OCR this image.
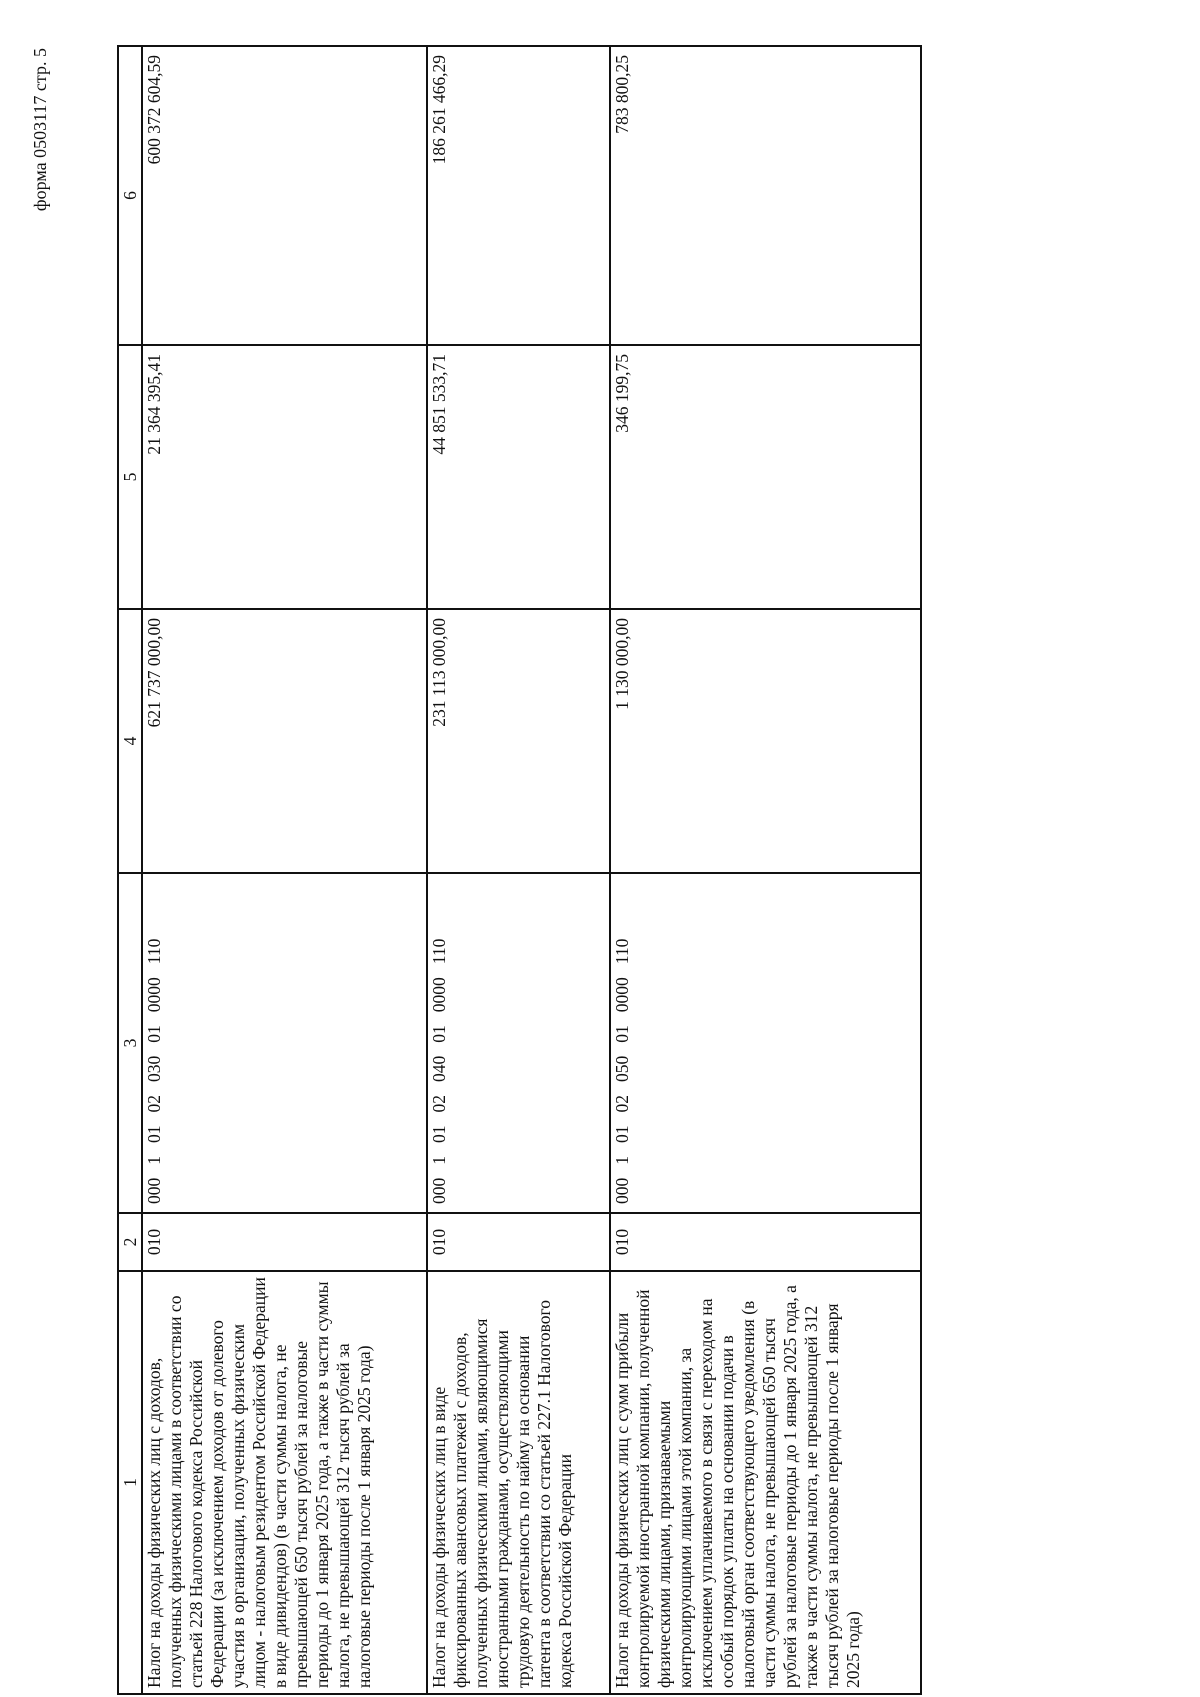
форма 0503117 стр. 5
1	2	3	4	5	6
Налог на доходы физических лиц с доходов, полученных физическими лицами в соответствии со статьей 228 Налогового кодекса Российской Федерации (за исключением доходов от долевого участия в организации, полученных физическим лицом - налоговым резидентом Российской Федерации в виде дивидендов) (в части суммы налога, не превышающей 650 тысяч рублей за налоговые периоды до 1 января 2025 года, а также в части суммы налога, не превышающей 312 тысяч рублей за налоговые периоды после 1 января 2025 года)	010	00010102030010000110	621 737 000,00	21 364 395,41	600 372 604,59
Налог на доходы физических лиц в виде фиксированных авансовых платежей с доходов, полученных физическими лицами, являющимися иностранными гражданами, осуществляющими трудовую деятельность по найму на основании патента в соответствии со статьей 227.1 Налогового кодекса Российской Федерации	010	00010102040010000110	231 113 000,00	44 851 533,71	186 261 466,29
Налог на доходы физических лиц с сумм прибыли контролируемой иностранной компании, полученной физическими лицами, признаваемыми контролирующими лицами этой компании, за исключением уплачиваемого в связи с переходом на особый порядок уплаты на основании подачи в налоговый орган соответствующего уведомления (в части суммы налога, не превышающей 650 тысяч рублей за налоговые периоды до 1 января 2025 года, а также в части суммы налога, не превышающей 312 тысяч рублей за налоговые периоды после 1 января 2025 года)	010	00010102050010000110	1 130 000,00	346 199,75	783 800,25
